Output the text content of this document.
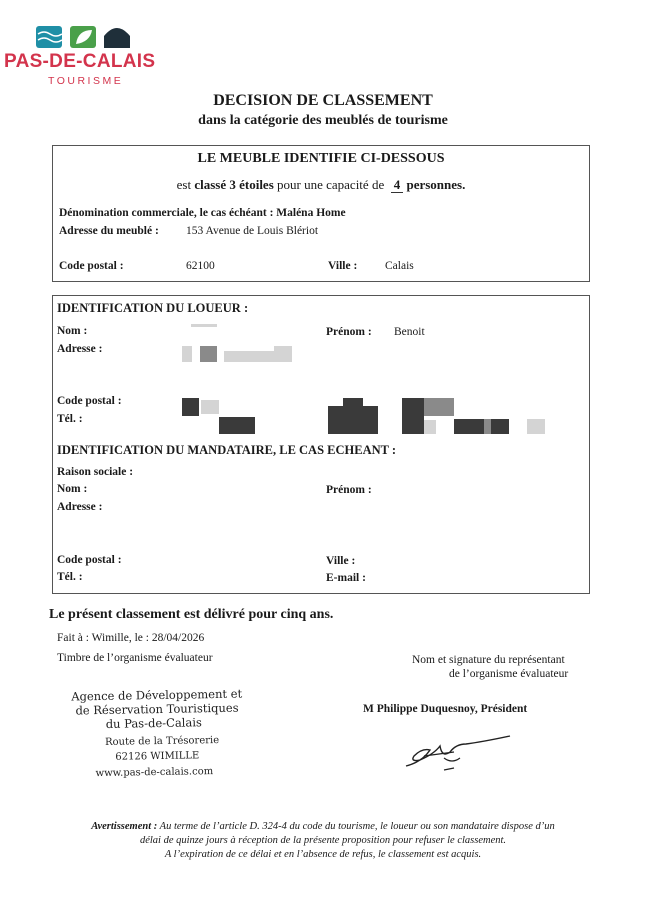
PAS-DE-CALAIS
TOURISME
DECISION DE CLASSEMENT
dans la catégorie des meublés de tourisme
LE MEUBLE IDENTIFIE CI-DESSOUS
est classé 3 étoiles pour une capacité de 4 personnes.
Dénomination commerciale, le cas échéant : Maléna Home
Adresse du meublé : 153 Avenue de Louis Blériot
Code postal :	62100	Ville : Calais
IDENTIFICATION DU LOUEUR :
Nom :	Prénom : Benoit
Adresse :
Code postal :
Tél. :
IDENTIFICATION DU MANDATAIRE, LE CAS ECHEANT :
Raison sociale :
Nom :	Prénom :
Adresse :
Code postal :	Ville :
Tél. :	E-mail :
Le présent classement est délivré pour cinq ans.
Fait à : Wimille, le : 28/04/2026
Timbre de l’organisme évaluateur	Nom et signature du représentant
de l’organisme évaluateur
Agence de Développement et
de Réservation Touristiques
du Pas-de-Calais
Route de la Trésorerie
62126 WIMILLE
www.pas-de-calais.com
M Philippe Duquesnoy, Président
Avertissement : Au terme de l’article D. 324-4 du code du tourisme, le loueur ou son mandataire dispose d’un
délai de quinze jours à réception de la présente proposition pour refuser le classement.
A l’expiration de ce délai et en l’absence de refus, le classement est acquis.
